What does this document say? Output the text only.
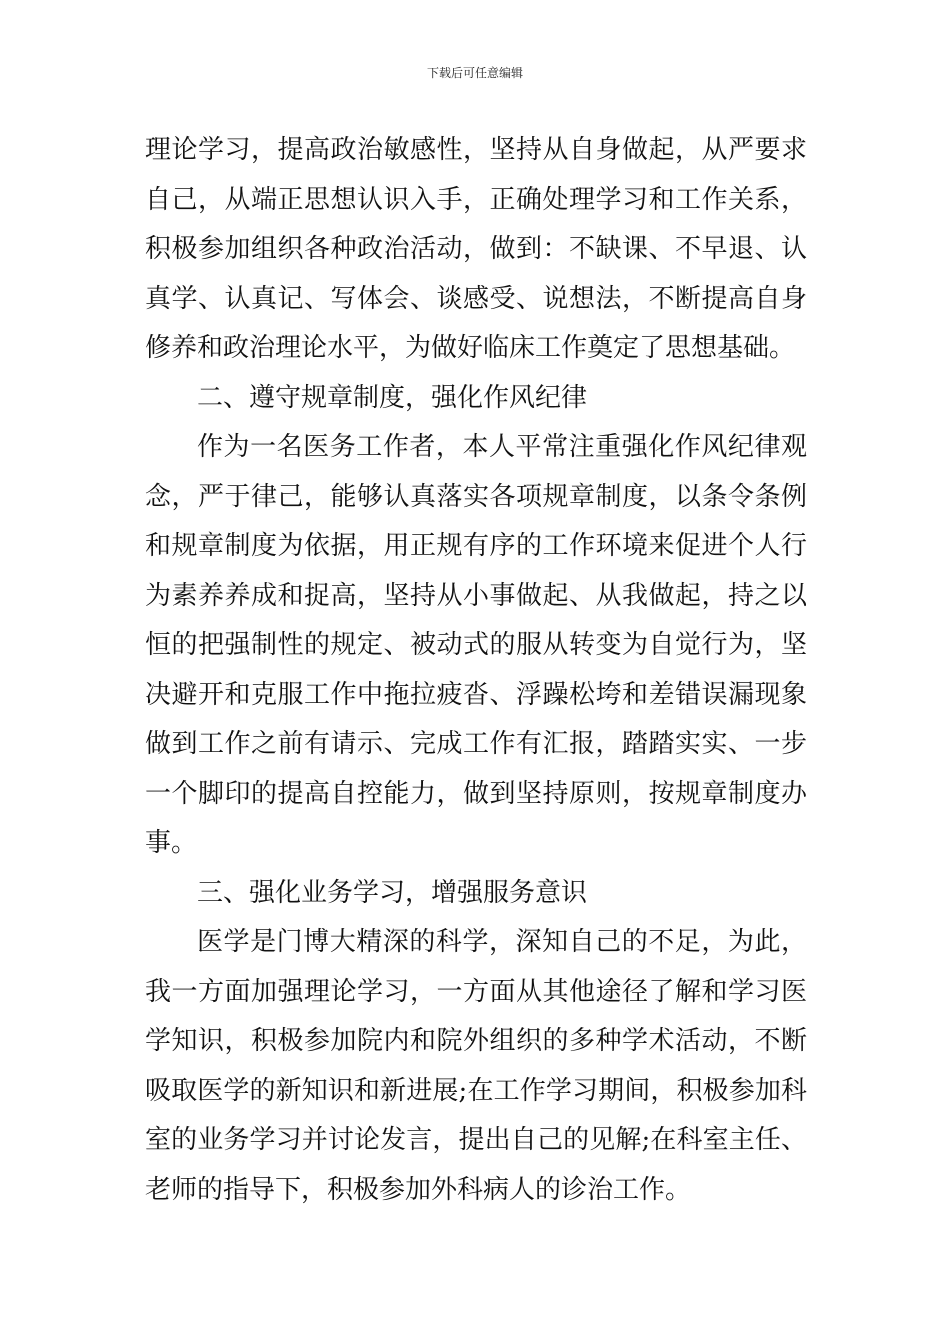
下载后可任意编辑
理论学习，提高政治敏感性，坚持从自身做起，从严要求
自己，从端正思想认识入手，正确处理学习和工作关系，
积极参加组织各种政治活动，做到：不缺课、不早退、认
真学、认真记、写体会、谈感受、说想法，不断提高自身
修养和政治理论水平，为做好临床工作奠定了思想基础。
二、遵守规章制度，强化作风纪律
作为一名医务工作者，本人平常注重强化作风纪律观
念，严于律己，能够认真落实各项规章制度，以条令条例
和规章制度为依据，用正规有序的工作环境来促进个人行
为素养养成和捉高，坚持从小事做起、从我做起，持之以
恒的把强制性的规定、被动式的服从转变为自觉行为，坚
决避开和克服工作中拖拉疲沓、浮躁松垮和差错误漏现象
做到工作之前有请示、完成工作有汇报，踏踏实实、一步
一个脚印的提高自控能力，做到坚持原则，按规章制度办
事。
三、强化业务学习，增强服务意识
医学是门博大精深的科学，深知自己的不足，为此，
我一方面加强理论学习，一方面从其他途径了解和学习医
学知识，积极参加院内和院外组织的多种学术活动，不断
吸取医学的新知识和新进展;在工作学习期间，积极参加科
室的业务学习并讨论发言，提出自己的见解;在科室主任、
老师的指导下，积极参加外科病人的诊治工作。
